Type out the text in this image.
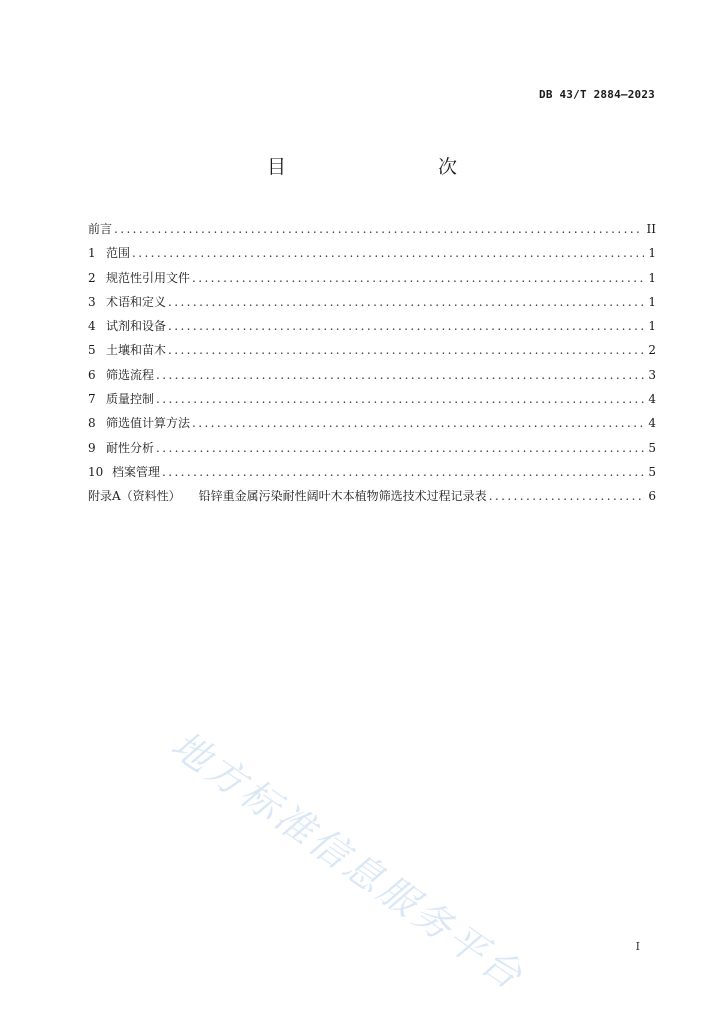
DB 43/T 2884—2023
目　　次
前言 .....	II
1 范围 .....	1
2 规范性引用文件 .....	1
3 术语和定义 .....	1
4 试剂和设备 .....	1
5 土壤和苗木 .....	2
6 筛选流程 .....	3
7 质量控制 .....	4
8 筛选值计算方法 .....	4
9 耐性分析 .....	5
10 档案管理 .....	5
附录A（资料性） 铅锌重金属污染耐性阔叶木本植物筛选技术过程记录表 .....	6
地方标准信息服务平台	I
